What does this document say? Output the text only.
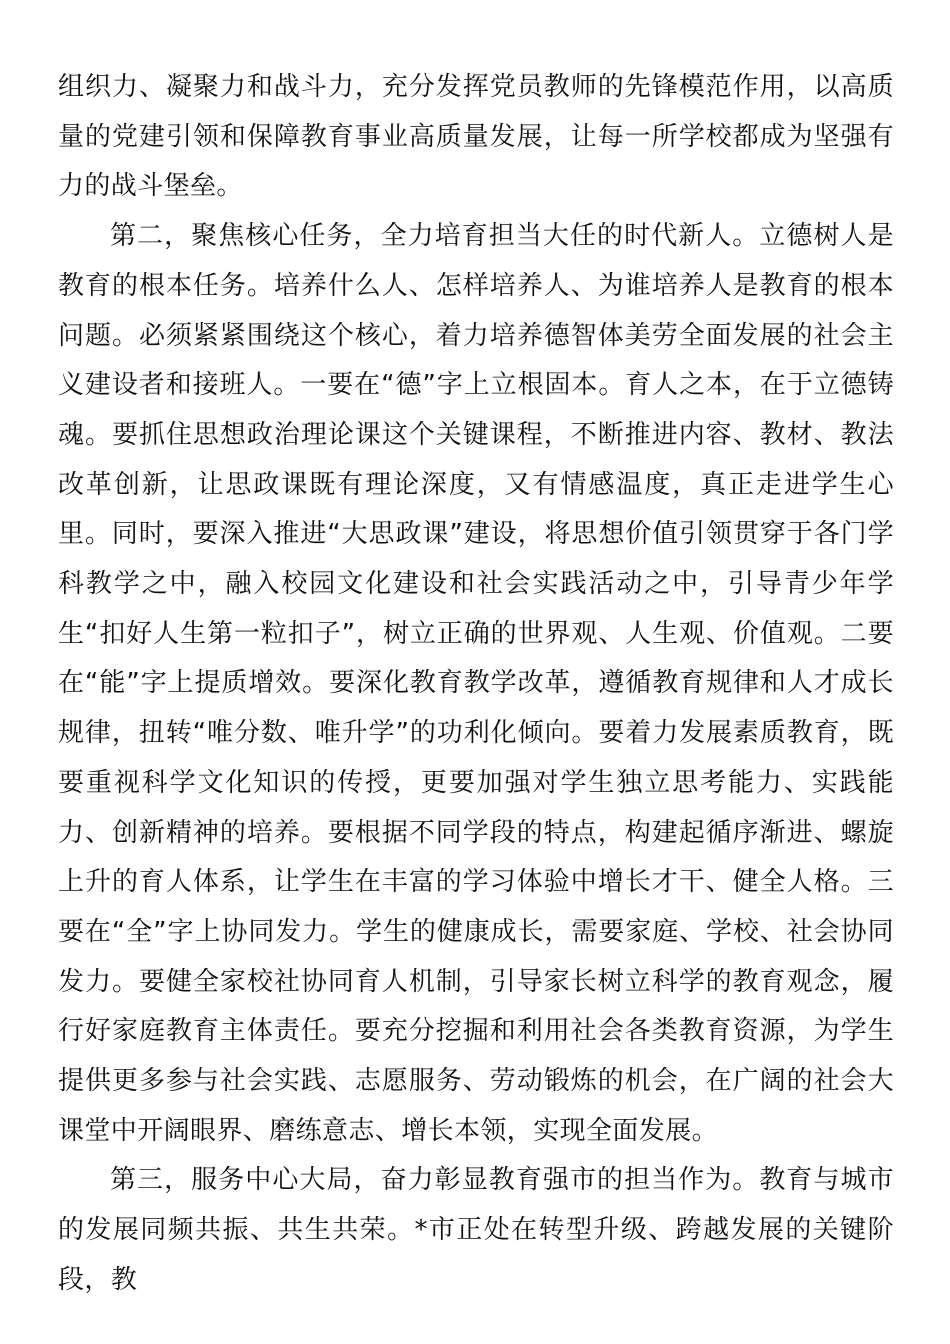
组织力、凝聚力和战斗力，充分发挥党员教师的先锋模范作用，以高质量的党建引领和保障教育事业高质量发展，让每一所学校都成为坚强有力的战斗堡垒。

第二，聚焦核心任务，全力培育担当大任的时代新人。立德树人是教育的根本任务。培养什么人、怎样培养人、为谁培养人是教育的根本问题。必须紧紧围绕这个核心，着力培养德智体美劳全面发展的社会主义建设者和接班人。一要在“德”字上立根固本。育人之本，在于立德铸魂。要抓住思想政治理论课这个关键课程，不断推进内容、教材、教法改革创新，让思政课既有理论深度，又有情感温度，真正走进学生心里。同时，要深入推进“大思政课”建设，将思想价值引领贯穿于各门学科教学之中，融入校园文化建设和社会实践活动之中，引导青少年学生“扣好人生第一粒扣子”，树立正确的世界观、人生观、价值观。二要在“能”字上提质增效。要深化教育教学改革，遵循教育规律和人才成长规律，扭转“唯分数、唯升学”的功利化倾向。要着力发展素质教育，既要重视科学文化知识的传授，更要加强对学生独立思考能力、实践能力、创新精神的培养。要根据不同学段的特点，构建起循序渐进、螺旋上升的育人体系，让学生在丰富的学习体验中增长才干、健全人格。三要在“全”字上协同发力。学生的健康成长，需要家庭、学校、社会协同发力。要健全家校社协同育人机制，引导家长树立科学的教育观念，履行好家庭教育主体责任。要充分挖掘和利用社会各类教育资源，为学生提供更多参与社会实践、志愿服务、劳动锻炼的机会，在广阔的社会大课堂中开阔眼界、磨练意志、增长本领，实现全面发展。

第三，服务中心大局，奋力彰显教育强市的担当作为。教育与城市的发展同频共振、共生共荣。*市正处在转型升级、跨越发展的关键阶段，教
